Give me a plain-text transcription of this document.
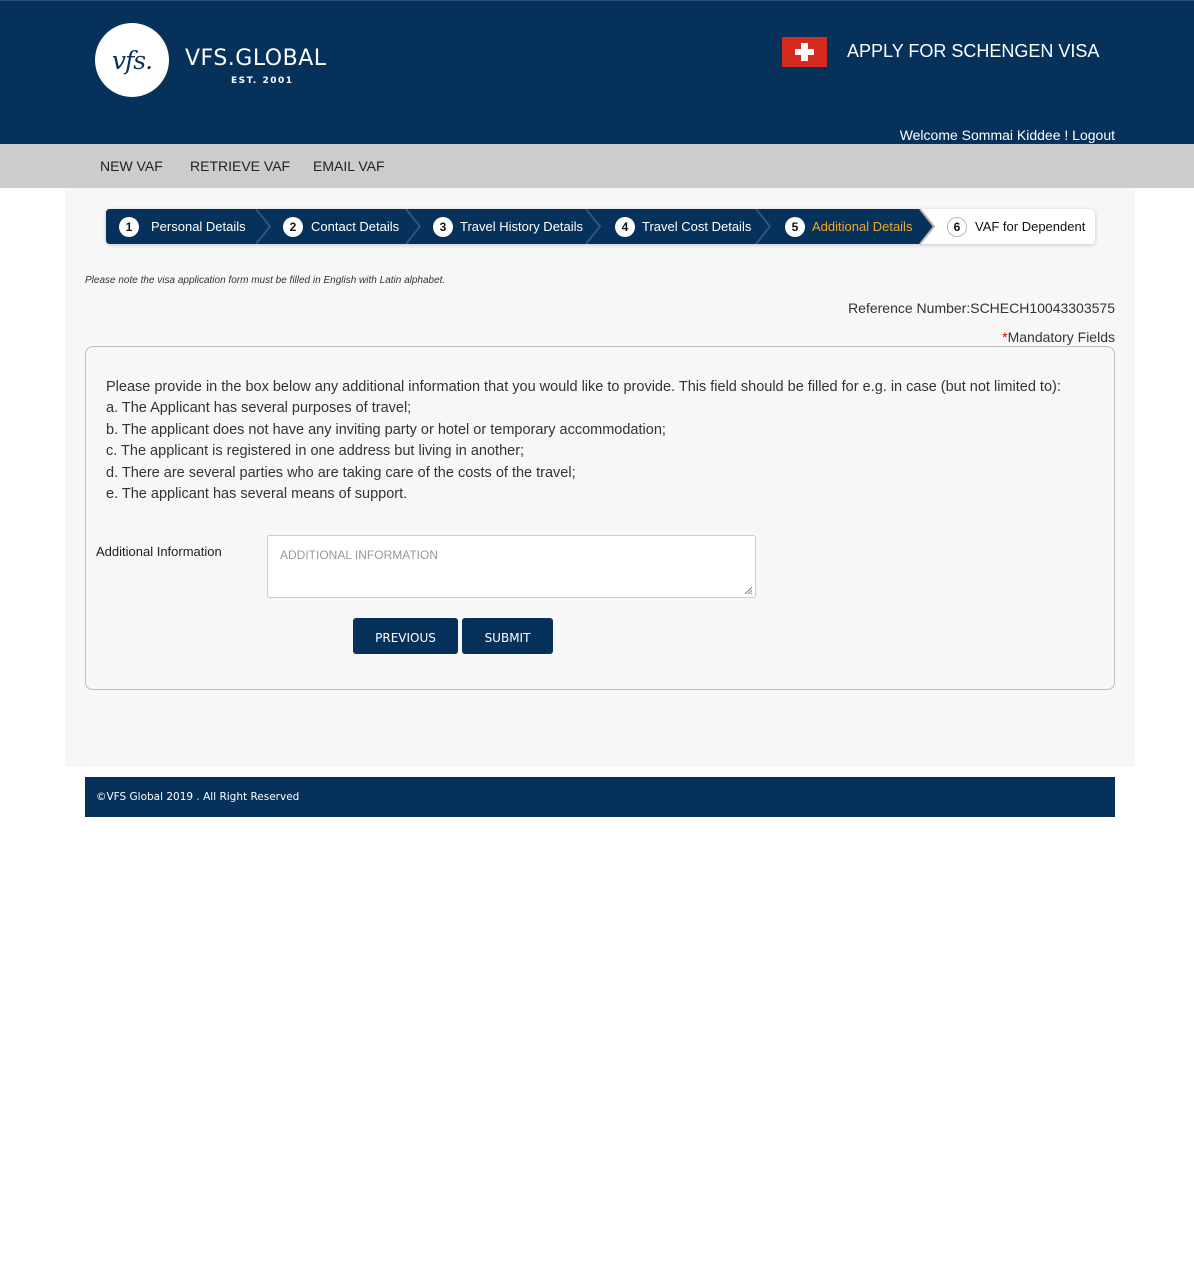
vfs. VFS.GLOBAL
EST. 2001
APPLY FOR SCHENGEN VISA
Welcome Sommai Kiddee ! Logout
NEW VAF RETRIEVE VAF EMAIL VAF
1	Personal Details	2	Contact Details	3	Travel History Details	4	Travel Cost Details	5	Additional Details	6	VAF for Dependent
Please note the visa application form must be filled in English with Latin alphabet.
Reference Number:SCHECH10043303575
*Mandatory Fields

Please provide in the box below any additional information that you would like to provide. This field should be filled for e.g. in case (but not limited to):

a. The Applicant has several purposes of travel;

b. The applicant does not have any inviting party or hotel or temporary accommodation;

c. The applicant is registered in one address but living in another;

d. There are several parties who are taking care of the costs of the travel;

e. The applicant has several means of support.

Additional Information
ADDITIONAL INFORMATION
PREVIOUS	SUBMIT
©VFS Global 2019 . All Right Reserved
